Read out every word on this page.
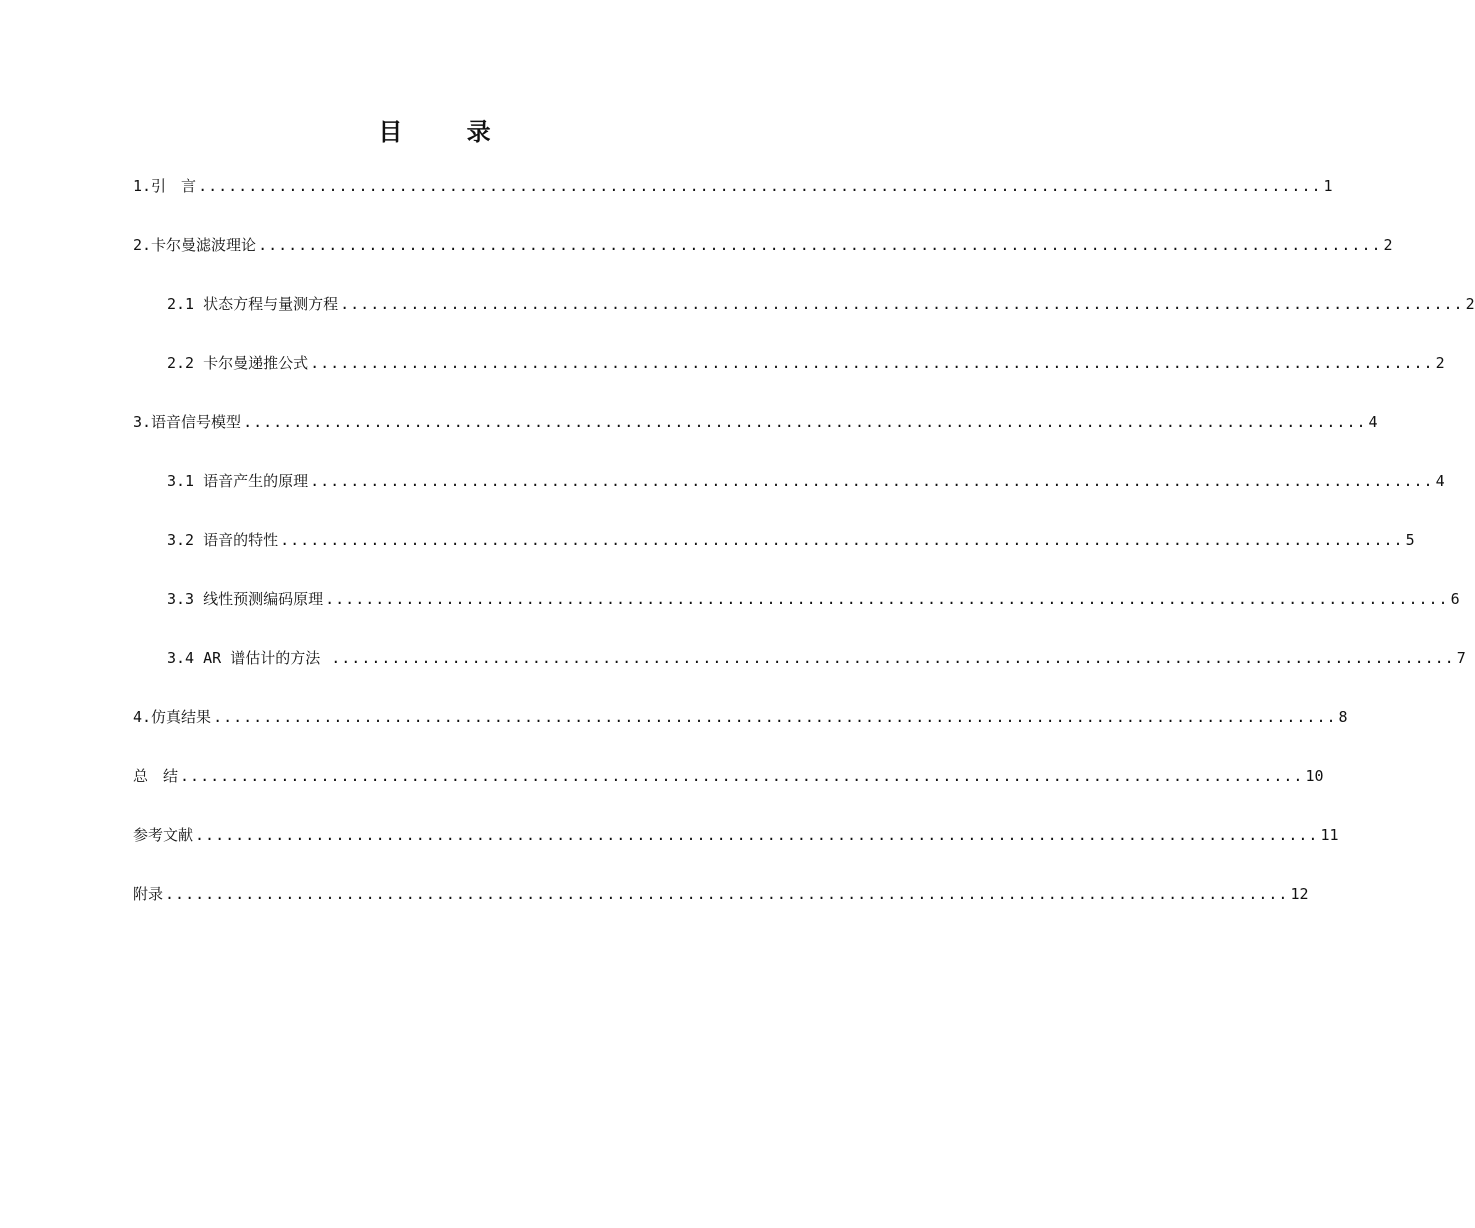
目 录
1.引　言 ................................................................................................................ 1
2.卡尔曼滤波理论 ................................................................................................................ 2
2.1 状态方程与量测方程 ................................................................................................................ 2
2.2 卡尔曼递推公式 ................................................................................................................ 2
3.语音信号模型 ................................................................................................................ 4
3.1 语音产生的原理 ................................................................................................................ 4
3.2 语音的特性 ................................................................................................................ 5
3.3 线性预测编码原理 ................................................................................................................ 6
3.4 AR 谱估计的方法 ................................................................................................................ 7
4.仿真结果 ................................................................................................................ 8
总　结 ................................................................................................................ 10
参考文献 ................................................................................................................ 11
附录 ................................................................................................................ 12
